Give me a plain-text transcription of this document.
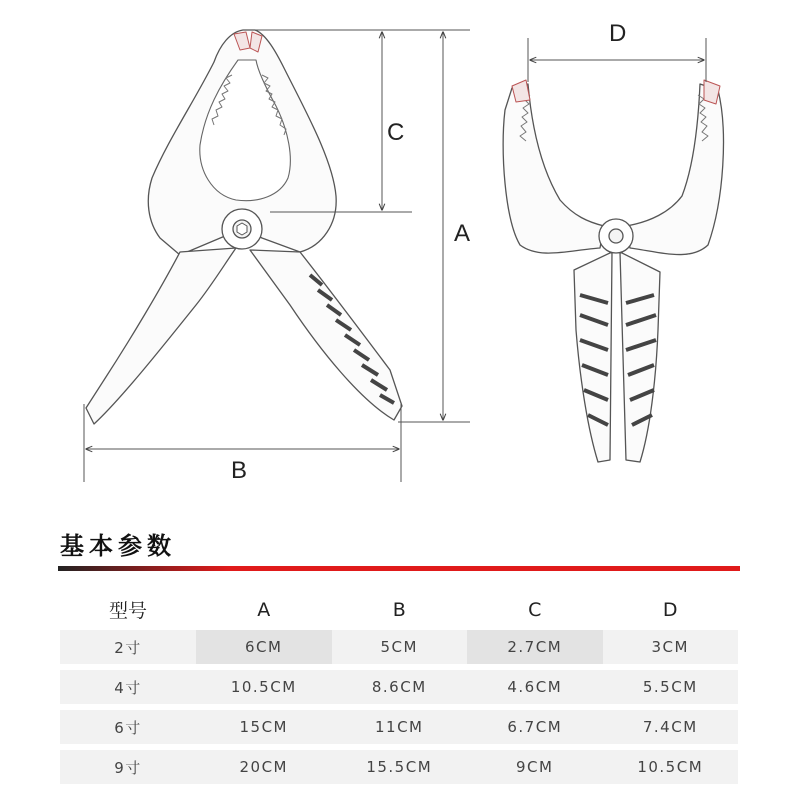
C
A
B
D
基本参数
型号	A	B	C	D
2寸	6CM	5CM	2.7CM	3CM
4寸	10.5CM	8.6CM	4.6CM	5.5CM
6寸	15CM	11CM	6.7CM	7.4CM
9寸	20CM	15.5CM	9CM	10.5CM
